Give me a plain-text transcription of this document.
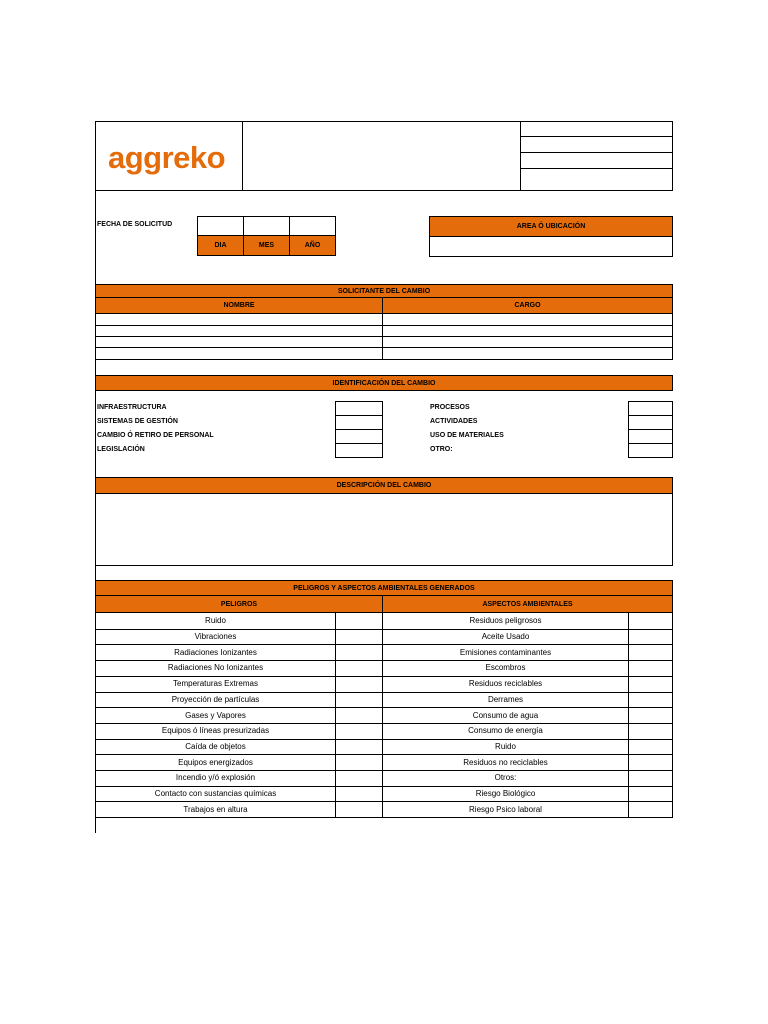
aggreko
FECHA DE SOLICITUD
DIA	MES	AÑO
AREA Ó UBICACIÓN
SOLICITANTE DEL CAMBIO
NOMBRE	CARGO
IDENTIFICACIÓN DEL CAMBIO
INFRAESTRUCTURA
SISTEMAS DE GESTIÓN
CAMBIO Ó RETIRO DE PERSONAL
LEGISLACIÓN
PROCESOS
ACTIVIDADES
USO DE MATERIALES
OTRO:
DESCRIPCIÓN DEL CAMBIO
PELIGROS Y ASPECTOS AMBIENTALES GENERADOS
PELIGROS	ASPECTOS AMBIENTALES
Ruido	Residuos peligrosos
Vibraciones	Aceite Usado
Radiaciones Ionizantes	Emisiones contaminantes
Radiaciones No Ionizantes	Escombros
Temperaturas Extremas	Residuos reciclables
Proyección de partículas	Derrames
Gases y Vapores	Consumo de agua
Equipos ó líneas presurizadas	Consumo de energía
Caída de objetos	Ruido
Equipos energizados	Residuos no reciclables
Incendio y/ó explosión	Otros:
Contacto con sustancias químicas	Riesgo Biológico
Trabajos en altura	Riesgo Psico laboral
